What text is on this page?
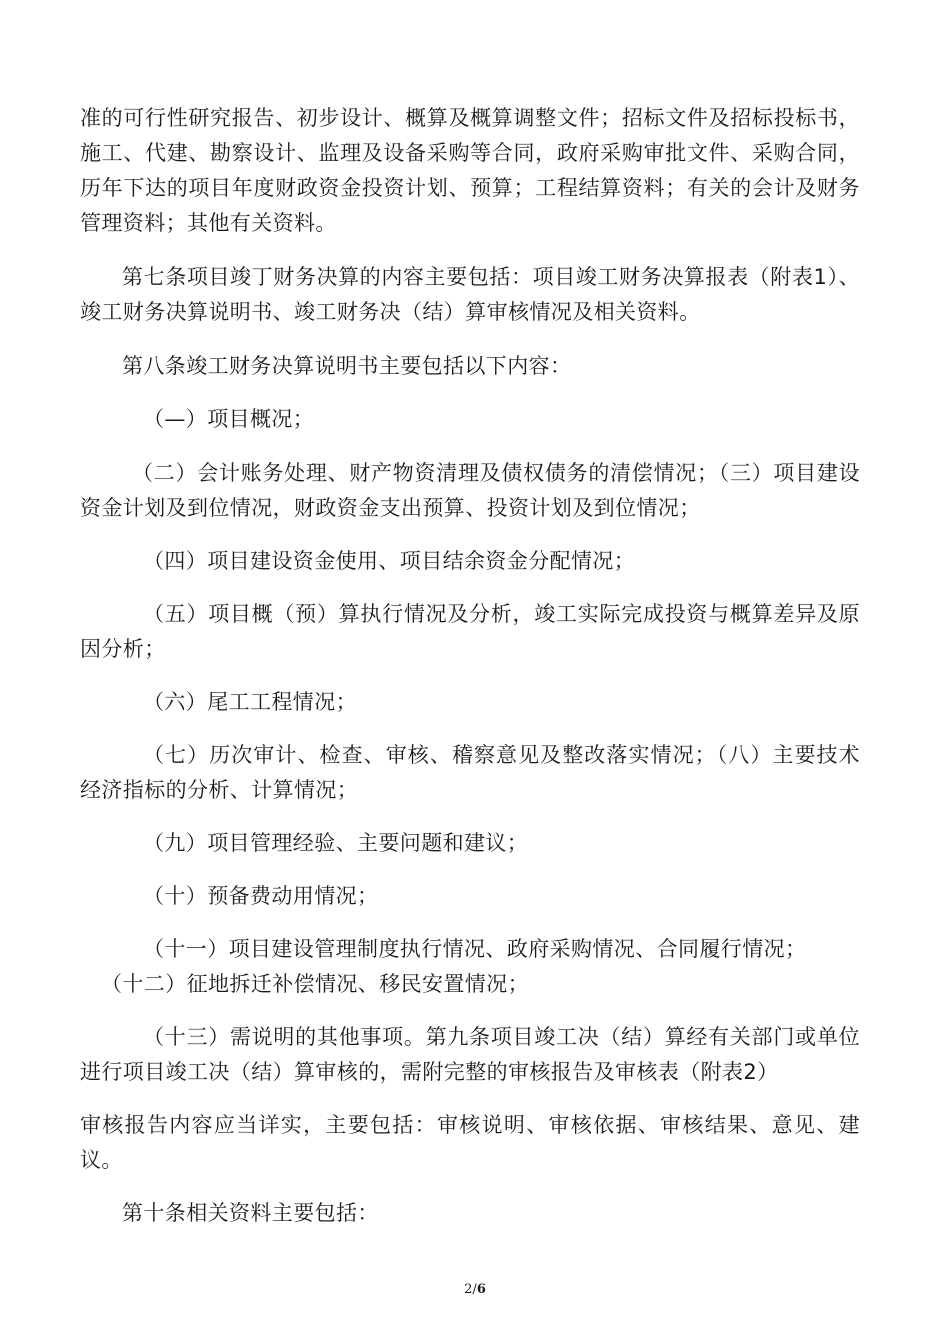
准的可行性研究报告、初步设计、概算及概算调整文件；招标文件及招标投标书，施工、代建、勘察设计、监理及设备采购等合同，政府采购审批文件、采购合同，历年下达的项目年度财政资金投资计划、预算；工程结算资料；有关的会计及财务管理资料；其他有关资料。

第七条项目竣丁财务决算的内容主要包括：项目竣工财务决算报表（附表1）、竣工财务决算说明书、竣工财务决（结）算审核情况及相关资料。

第八条竣工财务决算说明书主要包括以下内容：

（—）项目概况；

（二）会计账务处理、财产物资清理及债权债务的清偿情况；（三）项目建设资金计划及到位情况，财政资金支出预算、投资计划及到位情况；

（四）项目建设资金使用、项目结余资金分配情况；

（五）项目概（预）算执行情况及分析，竣工实际完成投资与概算差异及原因分析；

（六）尾工工程情况；

（七）历次审计、检查、审核、稽察意见及整改落实情况；（八）主要技术经济指标的分析、计算情况；

（九）项目管理经验、主要问题和建议；

（十）预备费动用情况；

（十一）项目建设管理制度执行情况、政府采购情况、合同履行情况；

（十二）征地拆迁补偿情况、移民安置情况；

（十三）需说明的其他事项。第九条项目竣工决（结）算经有关部门或单位进行项目竣工决（结）算审核的，需附完整的审核报告及审核表（附表2）

审核报告内容应当详实，主要包括：审核说明、审核依据、审核结果、意见、建议。

第十条相关资料主要包括：

2/6
